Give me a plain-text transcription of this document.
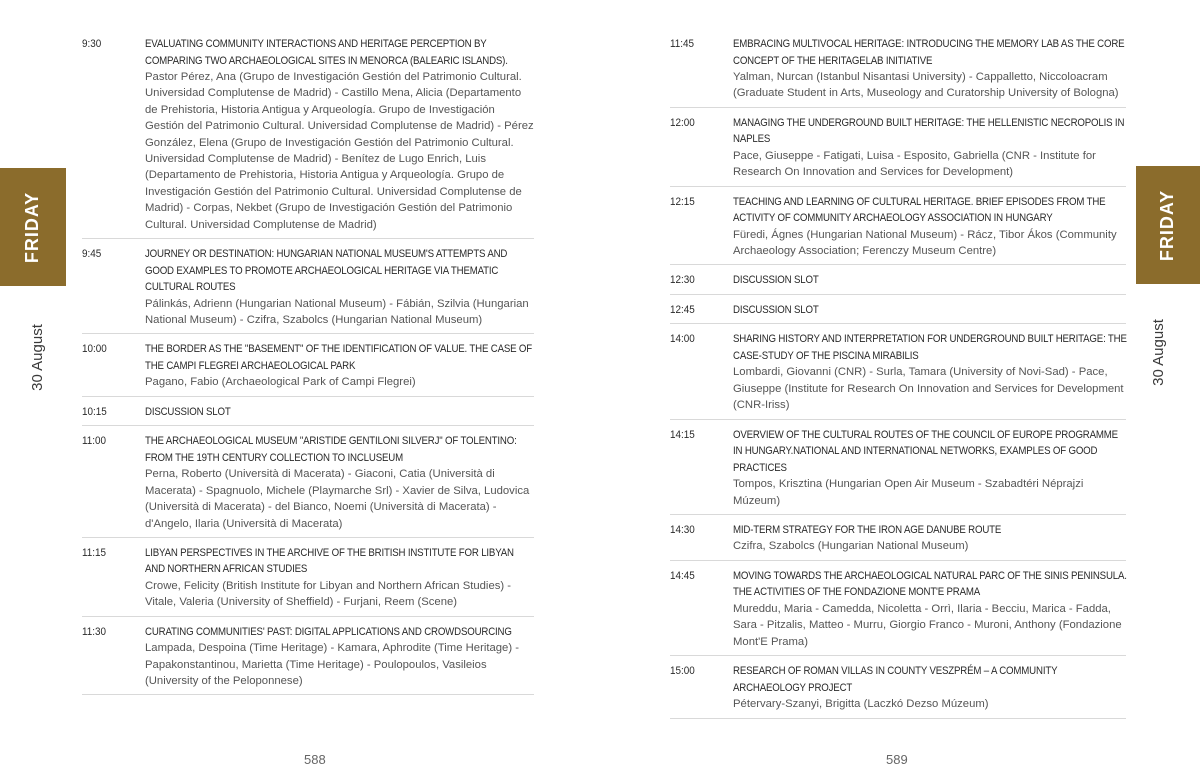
FRIDAY
30 August
9:30	EVALUATING COMMUNITY INTERACTIONS AND HERITAGE PERCEPTION BY COMPARING TWO ARCHAEOLOGICAL SITES IN MENORCA (BALEARIC ISLANDS).
Pastor Pérez, Ana (Grupo de Investigación Gestión del Patrimonio Cultural. Universidad Complutense de Madrid) - Castillo Mena, Alicia (Departamento de Prehistoria, Historia Antigua y Arqueología. Grupo de Investigación Gestión del Patrimonio Cultural. Universidad Complutense de Madrid) - Pérez González, Elena (Grupo de Investigación Gestión del Patrimonio Cultural. Universidad Complutense de Madrid) - Benítez de Lugo Enrich, Luis (Departamento de Prehistoria, Historia Antigua y Arqueología. Grupo de Investigación Gestión del Patrimonio Cultural. Universidad Complutense de Madrid) - Corpas, Nekbet (Grupo de Investigación Gestión del Patrimonio Cultural. Universidad Complutense de Madrid)
9:45	JOURNEY OR DESTINATION: HUNGARIAN NATIONAL MUSEUM'S ATTEMPTS AND GOOD EXAMPLES TO PROMOTE ARCHAEOLOGICAL HERITAGE VIA THEMATIC CULTURAL ROUTES
Pálinkás, Adrienn (Hungarian National Museum) - Fábián, Szilvia (Hungarian National Museum) - Czifra, Szabolcs (Hungarian National Museum)
10:00	THE BORDER AS THE "BASEMENT" OF THE IDENTIFICATION OF VALUE. THE CASE OF THE CAMPI FLEGREI ARCHAEOLOGICAL PARK
Pagano, Fabio (Archaeological Park of Campi Flegrei)
10:15	DISCUSSION SLOT
11:00	THE ARCHAEOLOGICAL MUSEUM "ARISTIDE GENTILONI SILVERJ" OF TOLENTINO: FROM THE 19TH CENTURY COLLECTION TO INCLUSEUM
Perna, Roberto (Università di Macerata) - Giaconi, Catia (Università di Macerata) - Spagnuolo, Michele (Playmarche Srl) - Xavier de Silva, Ludovica (Università di Macerata) - del Bianco, Noemi (Università di Macerata) - d'Angelo, Ilaria (Università di Macerata)
11:15	LIBYAN PERSPECTIVES IN THE ARCHIVE OF THE BRITISH INSTITUTE FOR LIBYAN AND NORTHERN AFRICAN STUDIES
Crowe, Felicity (British Institute for Libyan and Northern African Studies) - Vitale, Valeria (University of Sheffield) - Furjani, Reem (Scene)
11:30	CURATING COMMUNITIES' PAST: DIGITAL APPLICATIONS AND CROWDSOURCING
Lampada, Despoina (Time Heritage) - Kamara, Aphrodite (Time Heritage) - Papakonstantinou, Marietta (Time Heritage) - Poulopoulos, Vasileios (University of the Peloponnese)
588
FRIDAY
30 August
11:45	EMBRACING MULTIVOCAL HERITAGE: INTRODUCING THE MEMORY LAB AS THE CORE CONCEPT OF THE HERITAGELAB INITIATIVE
Yalman, Nurcan (Istanbul Nisantasi University) - Cappalletto, Niccoloacram (Graduate Student in Arts, Museology and Curatorship University of Bologna)
12:00	MANAGING THE UNDERGROUND BUILT HERITAGE: THE HELLENISTIC NECROPOLIS IN NAPLES
Pace, Giuseppe - Fatigati, Luisa - Esposito, Gabriella (CNR - Institute for Research On Innovation and Services for Development)
12:15	TEACHING AND LEARNING OF CULTURAL HERITAGE. BRIEF EPISODES FROM THE ACTIVITY OF COMMUNITY ARCHAEOLOGY ASSOCIATION IN HUNGARY
Füredi, Ágnes (Hungarian National Museum) - Rácz, Tibor Ákos (Community Archaeology Association; Ferenczy Museum Centre)
12:30	DISCUSSION SLOT
12:45	DISCUSSION SLOT
14:00	SHARING HISTORY AND INTERPRETATION FOR UNDERGROUND BUILT HERITAGE: THE CASE-STUDY OF THE PISCINA MIRABILIS
Lombardi, Giovanni (CNR) - Surla, Tamara (University of Novi-Sad) - Pace, Giuseppe (Institute for Research On Innovation and Services for Development (CNR-Iriss)
14:15	OVERVIEW OF THE CULTURAL ROUTES OF THE COUNCIL OF EUROPE PROGRAMME IN HUNGARY.NATIONAL AND INTERNATIONAL NETWORKS, EXAMPLES OF GOOD PRACTICES
Tompos, Krisztina (Hungarian Open Air Museum - Szabadtéri Néprajzi Múzeum)
14:30	MID-TERM STRATEGY FOR THE IRON AGE DANUBE ROUTE
Czifra, Szabolcs (Hungarian National Museum)
14:45	MOVING TOWARDS THE ARCHAEOLOGICAL NATURAL PARC OF THE SINIS PENINSULA. THE ACTIVITIES OF THE FONDAZIONE MONT'E PRAMA
Mureddu, Maria - Camedda, Nicoletta - Orrì, Ilaria - Becciu, Marica - Fadda, Sara - Pitzalis, Matteo - Murru, Giorgio Franco - Muroni, Anthony (Fondazione Mont'E Prama)
15:00	RESEARCH OF ROMAN VILLAS IN COUNTY VESZPRÉM – A COMMUNITY ARCHAEOLOGY PROJECT
Pétervary-Szanyi, Brigitta (Laczkó Dezso Múzeum)
589
